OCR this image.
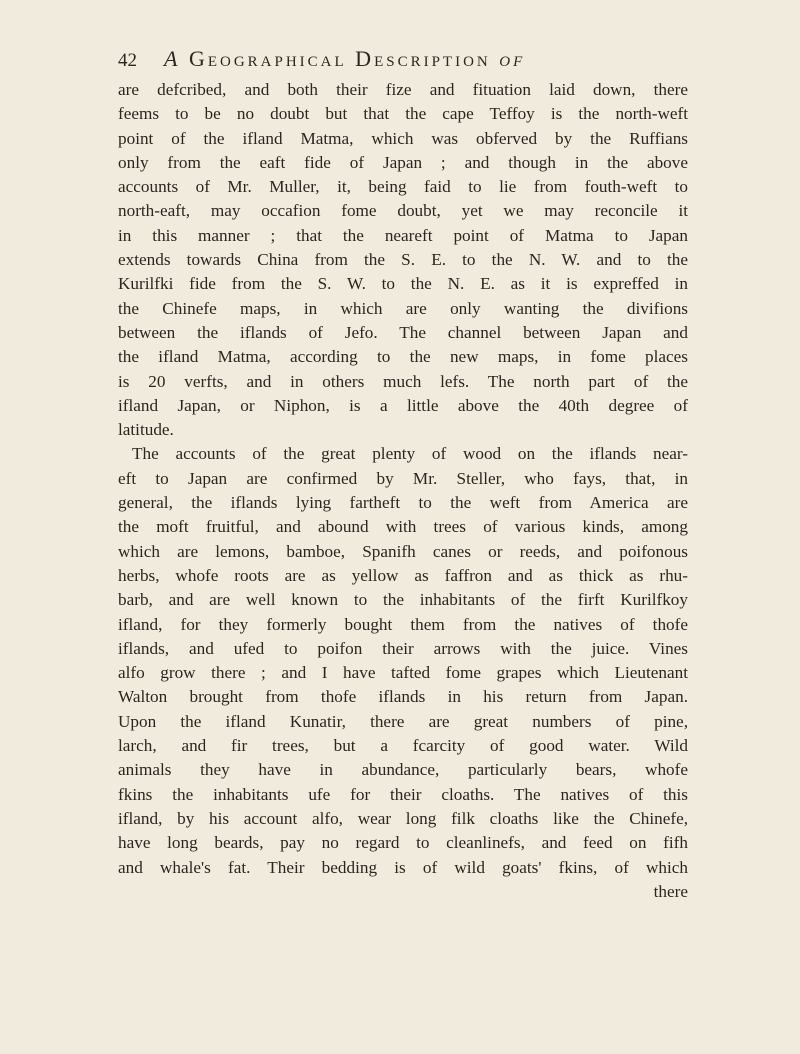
42 A Geographical Description of
are defcribed, and both their fize and fituation laid down, there
feems to be no doubt but that the cape Teffoy is the north-weft
point of the ifland Matma, which was obferved by the Ruffians
only from the eaft fide of Japan ; and though in the above
accounts of Mr. Muller, it, being faid to lie from fouth-weft to
north-eaft, may occafion fome doubt, yet we may reconcile it
in this manner ; that the neareft point of Matma to Japan
extends towards China from the S. E. to the N. W. and to the
Kurilfki fide from the S. W. to the N. E. as it is expreffed in
the Chinefe maps, in which are only wanting the divifions
between the iflands of Jefo. The channel between Japan and
the ifland Matma, according to the new maps, in fome places
is 20 verfts, and in others much lefs. The north part of the
ifland Japan, or Niphon, is a little above the 40th degree of
latitude.
The accounts of the great plenty of wood on the iflands near-
eft to Japan are confirmed by Mr. Steller, who fays, that, in
general, the iflands lying fartheft to the weft from America are
the moft fruitful, and abound with trees of various kinds, among
which are lemons, bamboe, Spanifh canes or reeds, and poifonous
herbs, whofe roots are as yellow as faffron and as thick as rhu-
barb, and are well known to the inhabitants of the firft Kurilfkoy
ifland, for they formerly bought them from the natives of thofe
iflands, and ufed to poifon their arrows with the juice. Vines
alfo grow there ; and I have tafted fome grapes which Lieutenant
Walton brought from thofe iflands in his return from Japan.
Upon the ifland Kunatir, there are great numbers of pine,
larch, and fir trees, but a fcarcity of good water. Wild
animals they have in abundance, particularly bears, whofe
fkins the inhabitants ufe for their cloaths. The natives of this
ifland, by his account alfo, wear long filk cloaths like the Chinefe,
have long beards, pay no regard to cleanlinefs, and feed on fifh
and whale's fat. Their bedding is of wild goats' fkins, of which
there
